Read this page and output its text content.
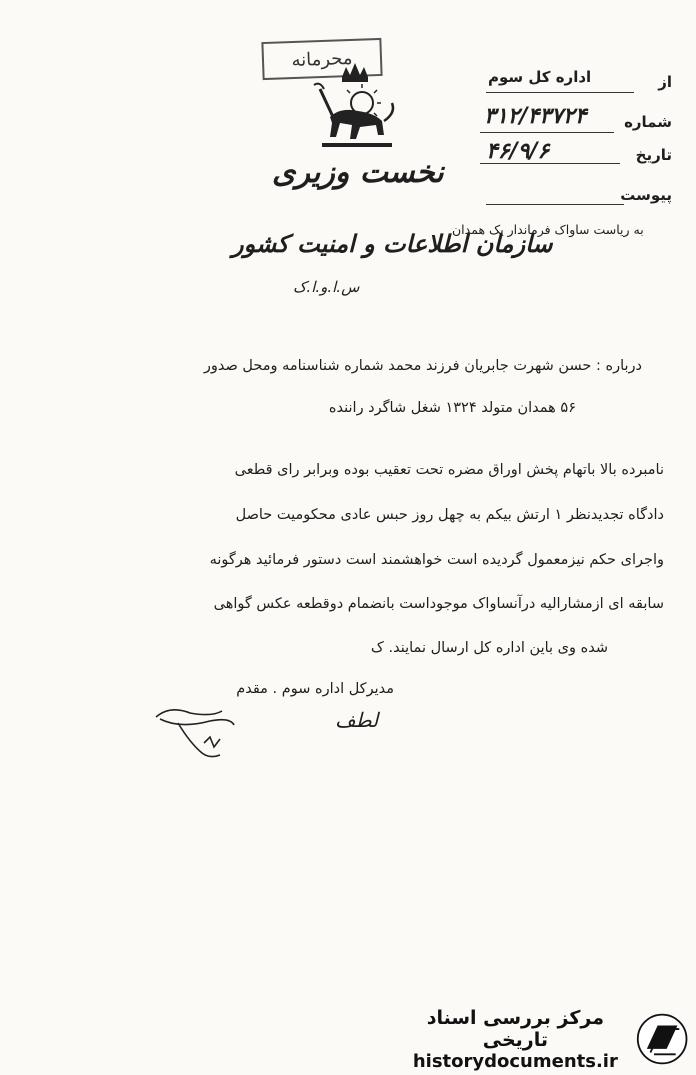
محرمانه
از
اداره کل سوم
شماره
۳۱۲/۴۳۷۲۴
تاریخ
۴۶/۹/۶
پیوست
نخست وزیری
به ریاست ساواک فرماندار یک همدان
سازمان اطلاعات و امنیت کشور
س.ا.و.ا.ک
درباره : حسن شهرت جابریان فرزند محمد شماره شناسنامه ومحل صدور
۵۶ همدان متولد ۱۳۲۴ شغل شاگرد راننده
نامبرده بالا باتهام پخش اوراق مضره تحت تعقیب بوده وبرابر رای قطعی
دادگاه تجدیدنظر ۱ ارتش بیکم به چهل روز حبس عادی محکومیت حاصل
واجرای حکم نیزمعمول گردیده است خواهشمند است دستور فرمائید هرگونه
سابقه ای ازمشارالیه درآنساواک موجوداست بانضمام دوقطعه عکس گواهی
شده وی باین اداره کل ارسال نمایند. ک
مدیرکل اداره سوم . مقدم
لطف
مرکز بررسی اسناد تاریخی
historydocuments.ir
